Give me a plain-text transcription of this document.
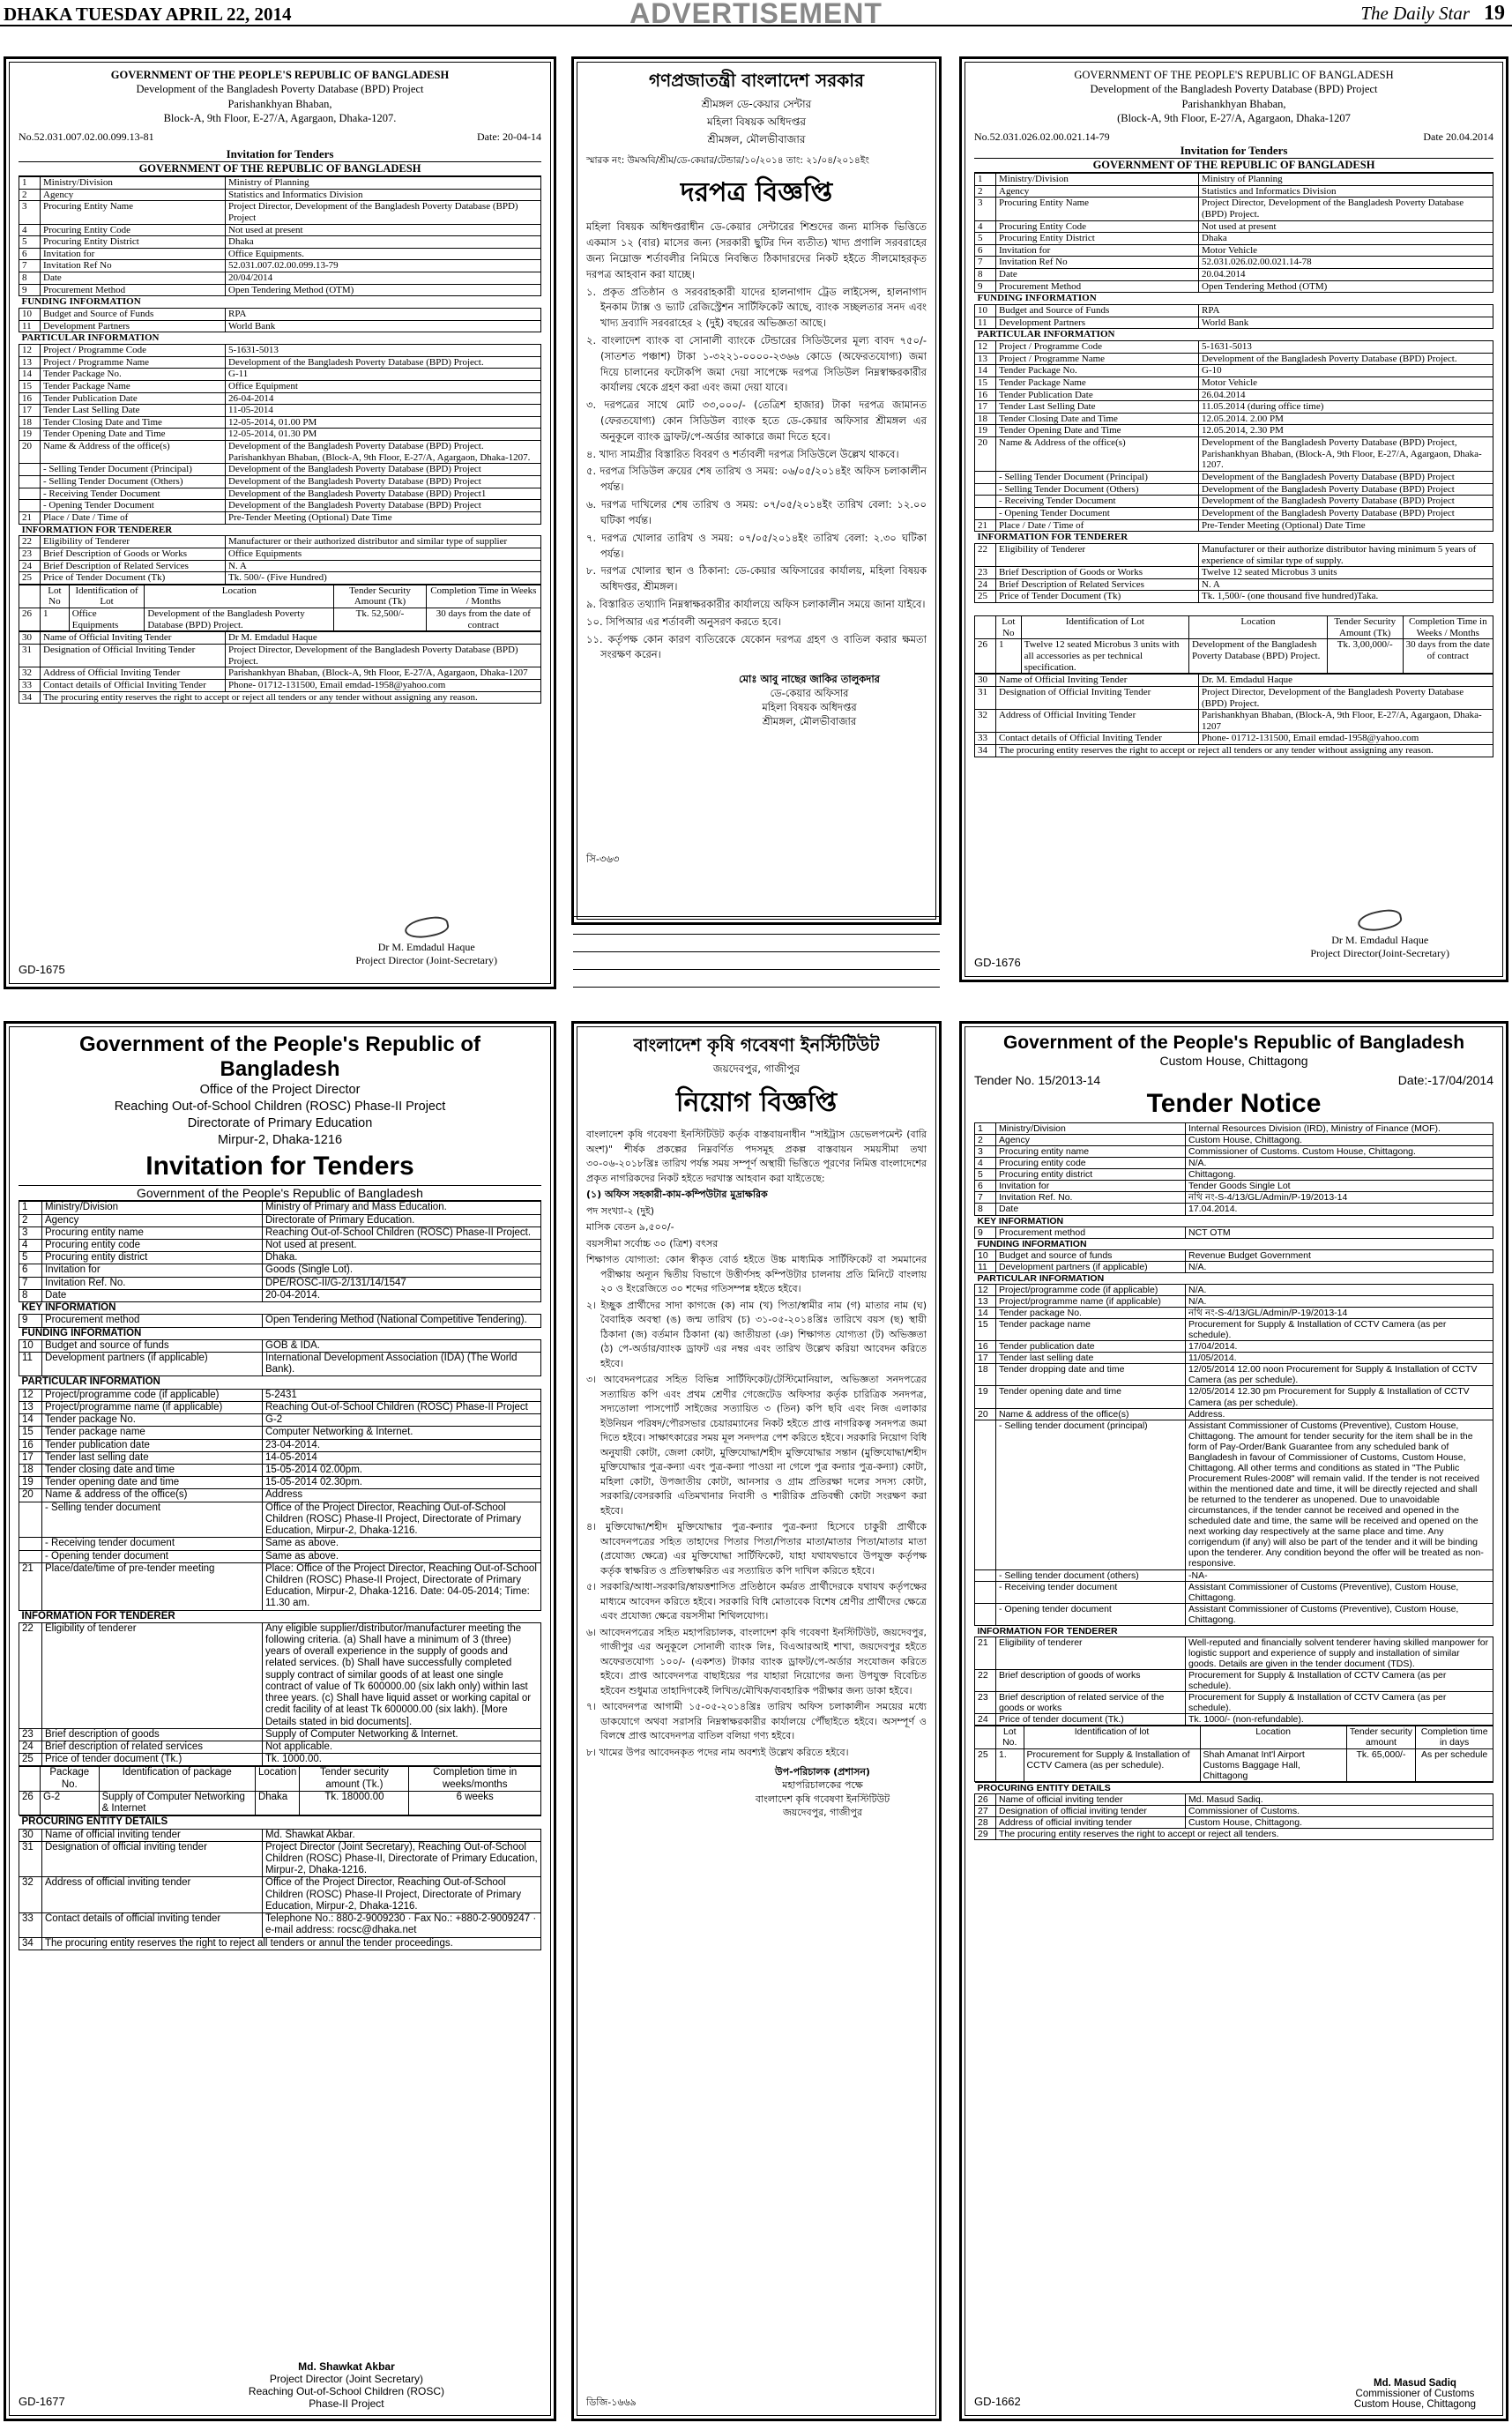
DHAKA TUESDAY APRIL 22, 2014	ADVERTISEMENT	The Daily Star 19
GOVERNMENT OF THE PEOPLE'S REPUBLIC OF BANGLADESH
Development of the Bangladesh Poverty Database (BPD) Project
Parishankhyan Bhaban,
Block-A, 9th Floor, E-27/A, Agargaon, Dhaka-1207.
No.52.031.007.02.00.099.13-81	Date: 20-04-14
Invitation for Tenders
GOVERNMENT OF THE REPUBLIC OF BANGLADESH
1	Ministry/Division	Ministry of Planning
2	Agency	Statistics and Informatics Division
3	Procuring Entity Name	Project Director, Development of the Bangladesh Poverty Database (BPD) Project
4	Procuring Entity Code	Not used at present
5	Procuring Entity District	Dhaka
6	Invitation for	Office Equipments.
7	Invitation Ref No	52.031.007.02.00.099.13-79
8	Date	20/04/2014
9	Procurement Method	Open Tendering Method (OTM)
FUNDING INFORMATION		
10	Budget and Source of Funds	RPA
11	Development Partners	World Bank
PARTICULAR INFORMATION		
12	Project / Programme Code	5-1631-5013
13	Project / Programme Name	Development of the Bangladesh Poverty Database (BPD) Project.
14	Tender Package No.	G-11
15	Tender Package Name	Office Equipment
16	Tender Publication Date	26-04-2014
17	Tender Last Selling Date	11-05-2014
18	Tender Closing Date and Time	12-05-2014, 01.00 PM
19	Tender Opening Date and Time	12-05-2014, 01.30 PM
20	Name & Address of the office(s)	Development of the Bangladesh Poverty Database (BPD) Project. Parishankhyan Bhaban, (Block-A, 9th Floor, E-27/A, Agargaon, Dhaka-1207.
	- Selling Tender Document (Principal)	Development of the Bangladesh Poverty Database (BPD) Project
	- Selling Tender Document (Others)	Development of the Bangladesh Poverty Database (BPD) Project
	- Receiving Tender Document	Development of the Bangladesh Poverty Database (BPD) Project1
	- Opening Tender Document	Development of the Bangladesh Poverty Database (BPD) Project
21	Place / Date / Time of	Pre-Tender Meeting (Optional) Date Time
INFORMATION FOR TENDERER		
22	Eligibility of Tenderer	Manufacturer or their authorized distributor and similar type of supplier
23	Brief Description of Goods or Works	Office Equipments
24	Brief Description of Related Services	N. A
25	Price of Tender Document (Tk)	Tk. 500/- (Five Hundred)
	Lot No	Identification of Lot	Location	Tender Security Amount (Tk)	Completion Time in Weeks / Months
26	1	Office Equipments	Development of the Bangladesh Poverty Database (BPD) Project.	Tk. 52,500/-	30 days from the date of contract
30	Name of Official Inviting Tender	Dr M. Emdadul Haque
31	Designation of Official Inviting Tender	Project Director, Development of the Bangladesh Poverty Database (BPD) Project.
32	Address of Official Inviting Tender	Parishankhyan Bhaban, (Block-A, 9th Floor, E-27/A, Agargaon, Dhaka-1207
33	Contact details of Official Inviting Tender	Phone- 01712-131500, Email emdad-1958@yahoo.com
34	The procuring entity reserves the right to accept or reject all tenders or any tender without assigning any reason.	
Dr M. Emdadul Haque
Project Director (Joint-Secretary)
GD-1675
গণপ্রজাতন্ত্রী বাংলাদেশ সরকার
শ্রীমঙ্গল ডে-কেয়ার সেন্টার
মহিলা বিষয়ক অধিদপ্তর
শ্রীমঙ্গল, মৌলভীবাজার
স্মারক নং: উমঅবি/শ্রীম/ডে-কেয়ার/টেন্ডার/১০/২০১৪ তাং: ২১/০৪/২০১৪ইং
দরপত্র বিজ্ঞপ্তি

মহিলা বিষয়ক অধিদপ্তরাধীন ডে-কেয়ার সেন্টারের শিশুদের জন্য মাসিক ভিত্তিতে একমাস ১২ (বার) মাসের জন্য (সরকারী ছুটির দিন ব্যতীত) খাদ্য প্রণালি সরবরাহের জন্য নিম্নোক্ত শর্তাবলীর নিমিত্তে নিবন্ধিত ঠিকাদারদের নিকট হইতে সীলমোহরকৃত দরপত্র আহবান করা যাচ্ছে।

১. প্রকৃত প্রতিষ্ঠান ও সরবরাহকারী যাদের হালনাগাদ ট্রেড লাইসেন্স, হালনাগাদ ইনকাম ট্যাক্স ও ভ্যাট রেজিস্ট্রেশন সার্টিফিকেট আছে, ব্যাংক সচ্ছলতার সনদ এবং খাদ্য দ্রব্যাদি সরবরাহের ২ (দুই) বছরের অভিজ্ঞতা আছে।

২. বাংলাদেশ ব্যাংক বা সোনালী ব্যাংকে টেন্ডারের সিডিউলের মূল্য বাবদ ৭৫০/- (সাতশত পঞ্চাশ) টাকা ১-৩২২১-০০০০-২৩৬৬ কোডে (অফেরতযোগ্য) জমা দিয়ে চালানের ফটোকপি জমা দেয়া সাপেক্ষে দরপত্র সিডিউল নিম্নস্বাক্ষরকারীর কার্যালয় থেকে গ্রহণ করা এবং জমা দেয়া যাবে।

৩. দরপত্রের সাথে মোট ৩৩,০০০/- (তেত্রিশ হাজার) টাকা দরপত্র জামানত (ফেরতযোগ্য) কোন সিডিউল ব্যাংক হতে ডে-কেয়ার অফিসার শ্রীমঙ্গল এর অনুকূলে ব্যাংক ড্রাফট/পে-অর্ডার আকারে জমা দিতে হবে।

৪. খাদ্য সামগ্রীর বিস্তারিত বিবরণ ও শর্তাবলী দরপত্র সিডিউলে উল্লেখ থাকবে।

৫. দরপত্র সিডিউল ক্রয়ের শেষ তারিখ ও সময়: ০৬/০৫/২০১৪ইং অফিস চলাকালীন পর্যন্ত।

৬. দরপত্র দাখিলের শেষ তারিখ ও সময়: ০৭/০৫/২০১৪ইং তারিখ বেলা: ১২.০০ ঘটিকা পর্যন্ত।

৭. দরপত্র খোলার তারিখ ও সময়: ০৭/০৫/২০১৪ইং তারিখ বেলা: ২.৩০ ঘটিকা পর্যন্ত।

৮. দরপত্র খোলার স্থান ও ঠিকানা: ডে-কেয়ার অফিসারের কার্যালয়, মহিলা বিষয়ক অধিদপ্তর, শ্রীমঙ্গল।

৯. বিস্তারিত তথ্যাদি নিম্নস্বাক্ষরকারীর কার্যালয়ে অফিস চলাকালীন সময়ে জানা যাইবে।

১০. সিপিআর এর শর্তাবলী অনুসরণ করতে হবে।

১১. কর্তৃপক্ষ কোন কারণ ব্যতিরেকে যেকোন দরপত্র গ্রহণ ও বাতিল করার ক্ষমতা সংরক্ষণ করেন।

মোঃ আবু নাছের জাকির তালুকদার
ডে-কেয়ার অফিসার
মহিলা বিষয়ক অধিদপ্তর
শ্রীমঙ্গল, মৌলভীবাজার
সি-৩৬৩
GOVERNMENT OF THE PEOPLE'S REPUBLIC OF BANGLADESH
Development of the Bangladesh Poverty Database (BPD) Project
Parishankhyan Bhaban,
(Block-A, 9th Floor, E-27/A, Agargaon, Dhaka-1207
No.52.031.026.02.00.021.14-79	Date 20.04.2014
Invitation for Tenders
GOVERNMENT OF THE REPUBLIC OF BANGLADESH
1	Ministry/Division	Ministry of Planning
2	Agency	Statistics and Informatics Division
3	Procuring Entity Name	Project Director, Development of the Bangladesh Poverty Database (BPD) Project.
4	Procuring Entity Code	Not used at present
5	Procuring Entity District	Dhaka
6	Invitation for	Motor Vehicle
7	Invitation Ref No	52.031.026.02.00.021.14-78
8	Date	20.04.2014
9	Procurement Method	Open Tendering Method (OTM)
FUNDING INFORMATION		
10	Budget and Source of Funds	RPA
11	Development Partners	World Bank
PARTICULAR INFORMATION		
12	Project / Programme Code	5-1631-5013
13	Project / Programme Name	Development of the Bangladesh Poverty Database (BPD) Project.
14	Tender Package No.	G-10
15	Tender Package Name	Motor Vehicle
16	Tender Publication Date	26.04.2014
17	Tender Last Selling Date	11.05.2014 (during office time)
18	Tender Closing Date and Time	12.05.2014. 2.00 PM
19	Tender Opening Date and Time	12.05.2014, 2.30 PM
20	Name & Address of the office(s)	Development of the Bangladesh Poverty Database (BPD) Project, Parishankhyan Bhaban, (Block-A, 9th Floor, E-27/A, Agargaon, Dhaka-1207.
	- Selling Tender Document (Principal)	Development of the Bangladesh Poverty Database (BPD) Project
	- Selling Tender Document (Others)	Development of the Bangladesh Poverty Database (BPD) Project
	- Receiving Tender Document	Development of the Bangladesh Poverty Database (BPD) Project
	- Opening Tender Document	Development of the Bangladesh Poverty Database (BPD) Project
21	Place / Date / Time of	Pre-Tender Meeting (Optional) Date Time
INFORMATION FOR TENDERER		
22	Eligibility of Tenderer	Manufacturer or their authorize distributor having minimum 5 years of experience of similar type of supply.
23	Brief Description of Goods or Works	Twelve 12 seated Microbus 3 units
24	Brief Description of Related Services	N. A
25	Price of Tender Document (Tk)	Tk. 1,500/- (one thousand five hundred)Taka.
	Lot No	Identification of Lot	Location	Tender Security Amount (Tk)	Completion Time in Weeks / Months
26	1	Twelve 12 seated Microbus 3 units with all accessories as per technical specification.	Development of the Bangladesh Poverty Database (BPD) Project.	Tk. 3,00,000/-	30 days from the date of contract
30	Name of Official Inviting Tender	Dr. M. Emdadul Haque
31	Designation of Official Inviting Tender	Project Director, Development of the Bangladesh Poverty Database (BPD) Project.
32	Address of Official Inviting Tender	Parishankhyan Bhaban, (Block-A, 9th Floor, E-27/A, Agargaon, Dhaka-1207
33	Contact details of Official Inviting Tender	Phone- 01712-131500, Email emdad-1958@yahoo.com
34	The procuring entity reserves the right to accept or reject all tenders or any tender without assigning any reason.	
Dr M. Emdadul Haque
Project Director(Joint-Secretary)
GD-1676
Government of the People's Republic of Bangladesh
Office of the Project Director
Reaching Out-of-School Children (ROSC) Phase-II Project
Directorate of Primary Education
Mirpur-2, Dhaka-1216
Invitation for Tenders
Government of the People's Republic of Bangladesh
1	Ministry/Division	Ministry of Primary and Mass Education.
2	Agency	Directorate of Primary Education.
3	Procuring entity name	Reaching Out-of-School Children (ROSC) Phase-II Project.
4	Procuring entity code	Not used at present.
5	Procuring entity district	Dhaka.
6	Invitation for	Goods (Single Lot).
7	Invitation Ref. No.	DPE/ROSC-II/G-2/131/14/1547
8	Date	20-04-2014.
KEY INFORMATION		
9	Procurement method	Open Tendering Method (National Competitive Tendering).
FUNDING INFORMATION		
10	Budget and source of funds	GOB & IDA.
11	Development partners (if applicable)	International Development Association (IDA) (The World Bank).
PARTICULAR INFORMATION		
12	Project/programme code (if applicable)	5-2431
13	Project/programme name (if applicable)	Reaching Out-of-School Children (ROSC) Phase-II Project
14	Tender package No.	G-2
15	Tender package name	Computer Networking & Internet.
16	Tender publication date	23-04-2014.
17	Tender last selling date	14-05-2014
18	Tender closing date and time	15-05-2014 02.00pm.
19	Tender opening date and time	15-05-2014 02.30pm.
20	Name & address of the office(s)	Address
	- Selling tender document	Office of the Project Director, Reaching Out-of-School Children (ROSC) Phase-II Project, Directorate of Primary Education, Mirpur-2, Dhaka-1216.
	- Receiving tender document	Same as above.
	- Opening tender document	Same as above.
21	Place/date/time of pre-tender meeting	Place: Office of the Project Director, Reaching Out-of-School Children (ROSC) Phase-II Project, Directorate of Primary Education, Mirpur-2, Dhaka-1216. Date: 04-05-2014; Time: 11.30 am.
INFORMATION FOR TENDERER		
22	Eligibility of tenderer	Any eligible supplier/distributor/manufacturer meeting the following criteria. (a) Shall have a minimum of 3 (three) years of overall experience in the supply of goods and related services. (b) Shall have successfully completed supply contract of similar goods of at least one single contract of value of Tk 600000.00 (six lakh only) within last three years. (c) Shall have liquid asset or working capital or credit facility of at least Tk 600000.00 (six lakh). [More Details stated in bid documents].
23	Brief description of goods	Supply of Computer Networking & Internet.
24	Brief description of related services	Not applicable.
25	Price of tender document (Tk.)	Tk. 1000.00.
	Package No.	Identification of package	Location	Tender security amount (Tk.)	Completion time in weeks/months
26	G-2	Supply of Computer Networking & Internet	Dhaka	Tk. 18000.00	6 weeks
PROCURING ENTITY DETAILS		
30	Name of official inviting tender	Md. Shawkat Akbar.
31	Designation of official inviting tender	Project Director (Joint Secretary), Reaching Out-of-School Children (ROSC) Phase-II, Directorate of Primary Education, Mirpur-2, Dhaka-1216.
32	Address of official inviting tender	Office of the Project Director, Reaching Out-of-School Children (ROSC) Phase-II Project, Directorate of Primary Education, Mirpur-2, Dhaka-1216.
33	Contact details of official inviting tender	Telephone No.: 880-2-9009230 · Fax No.: +880-2-9009247 · e-mail address: rocsc@dhaka.net
34	The procuring entity reserves the right to reject all tenders or annul the tender proceedings.	
Md. Shawkat Akbar
Project Director (Joint Secretary)
Reaching Out-of-School Children (ROSC)
Phase-II Project
GD-1677
বাংলাদেশ কৃষি গবেষণা ইনস্টিটিউট
জয়দেবপুর, গাজীপুর
নিয়োগ বিজ্ঞপ্তি

বাংলাদেশ কৃষি গবেষণা ইনস্টিটিউট কর্তৃক বাস্তবায়নাধীন "সাইট্রাস ডেভেলপমেন্ট (বারি অংশ)" শীর্ষক প্রকল্পের নিম্নবর্ণিত পদসমূহ প্রকল্প বাস্তবায়ন সময়সীমা তথা ৩০-০৬-২০১৮খ্রিঃ তারিখ পর্যন্ত সময় সম্পূর্ণ অস্থায়ী ভিত্তিতে পূরণের নিমিত্ত বাংলাদেশের প্রকৃত নাগরিকদের নিকট হইতে দরখাস্ত আহবান করা যাইতেছে:

(১) অফিস সহকারী-কাম-কম্পিউটার মুদ্রাক্ষরিক

পদ সংখ্যা-২ (দুই)

মাসিক বেতন ৯,৫০০/-

বয়সসীমা সর্বোচ্চ ৩০ (ত্রিশ) বৎসর

শিক্ষাগত যোগ্যতা: কোন স্বীকৃত বোর্ড হইতে উচ্চ মাধ্যমিক সার্টিফিকেট বা সমমানের পরীক্ষায় অন্যূন দ্বিতীয় বিভাগে উত্তীর্ণসহ কম্পিউটার চালনায় প্রতি মিনিটে বাংলায় ২০ ও ইংরেজিতে ৩০ শব্দের গতিসম্পন্ন হইতে হইবে।

২। ইচ্ছুক প্রার্থীদের সাদা কাগজে (ক) নাম (খ) পিতা/স্বামীর নাম (গ) মাতার নাম (ঘ) বৈবাহিক অবস্থা (ঙ) জন্ম তারিখ (চ) ৩১-০৫-২০১৪খ্রিঃ তারিখে বয়স (ছ) স্থায়ী ঠিকানা (জ) বর্তমান ঠিকানা (ঝ) জাতীয়তা (ঞ) শিক্ষাগত যোগ্যতা (ট) অভিজ্ঞতা (ঠ) পে-অর্ডার/ব্যাংক ড্রাফট এর নম্বর এবং তারিখ উল্লেখ করিয়া আবেদন করিতে হইবে।

৩। আবেদনপত্রের সহিত বিভিন্ন সার্টিফিকেট/টেস্টিমোনিয়াল, অভিজ্ঞতা সনদপত্রের সত্যায়িত কপি এবং প্রথম শ্রেণীর গেজেটেড অফিসার কর্তৃক চারিত্রিক সনদপত্র, সদ্যতোলা পাসপোর্ট সাইজের সত্যায়িত ৩ (তিন) কপি ছবি এবং নিজ এলাকার ইউনিয়ন পরিষদ/পৌরসভার চেয়ারম্যানের নিকট হইতে প্রাপ্ত নাগরিকত্ব সনদপত্র জমা দিতে হইবে। সাক্ষাৎকারের সময় মূল সনদপত্র পেশ করিতে হইবে। সরকারি নিয়োগ বিধি অনুযায়ী কোটা, জেলা কোটা, মুক্তিযোদ্ধা/শহীদ মুক্তিযোদ্ধার সন্তান (মুক্তিযোদ্ধা/শহীদ মুক্তিযোদ্ধার পুত্র-কন্যা এবং পুত্র-কন্যা পাওয়া না গেলে পুত্র কন্যার পুত্র-কন্যা) কোটা, মহিলা কোটা, উপজাতীয় কোটা, আনসার ও গ্রাম প্রতিরক্ষা দলের সদস্য কোটা, সরকারি/বেসরকারি এতিমখানার নিবাসী ও শারীরিক প্রতিবন্ধী কোটা সংরক্ষণ করা হইবে।

৪। মুক্তিযোদ্ধা/শহীদ মুক্তিযোদ্ধার পুত্র-কন্যার পুত্র-কন্যা হিসেবে চাকুরী প্রার্থীকে আবেদনপত্রের সহিত তাহাদের পিতার পিতা/পিতার মাতা/মাতার পিতা/মাতার মাতা (প্রযোজ্য ক্ষেত্রে) এর মুক্তিযোদ্ধা সার্টিফিকেট, যাহা যথাযথভাবে উপযুক্ত কর্তৃপক্ষ কর্তৃক স্বাক্ষরিত ও প্রতিস্বাক্ষরিত এর সত্যায়িত কপি দাখিল করিতে হইবে।

৫। সরকারি/আধা-সরকারি/স্বায়ত্তশাসিত প্রতিষ্ঠানে কর্মরত প্রার্থীদেরকে যথাযথ কর্তৃপক্ষের মাধ্যমে আবেদন করিতে হইবে। সরকারি বিধি মোতাবেক বিশেষ শ্রেণীর প্রার্থীদের ক্ষেত্রে এবং প্রযোজ্য ক্ষেত্রে বয়সসীমা শিথিলযোগ্য।

৬। আবেদনপত্রের সহিত মহাপরিচালক, বাংলাদেশ কৃষি গবেষণা ইনস্টিটিউট, জয়দেবপুর, গাজীপুর এর অনুকূলে সোনালী ব্যাংক লিঃ, বিএআরআই শাখা, জয়দেবপুর হইতে অফেরতযোগ্য ১০০/- (একশত) টাকার ব্যাংক ড্রাফট/পে-অর্ডার সংযোজন করিতে হইবে। প্রাপ্ত আবেদনপত্র বাছাইয়ের পর যাহারা নিয়োগের জন্য উপযুক্ত বিবেচিত হইবেন শুধুমাত্র তাহাদিগকেই লিখিত/মৌখিক/ব্যবহারিক পরীক্ষার জন্য ডাকা হইবে।

৭। আবেদনপত্র আগামী ১৫-০৫-২০১৪খ্রিঃ তারিখ অফিস চলাকালীন সময়ের মধ্যে ডাকযোগে অথবা সরাসরি নিম্নস্বাক্ষরকারীর কার্যালয়ে পৌঁছাইতে হইবে। অসম্পূর্ণ ও বিলম্বে প্রাপ্ত আবেদনপত্র বাতিল বলিয়া গণ্য হইবে।

৮। খামের উপর আবেদনকৃত পদের নাম অবশ্যই উল্লেখ করিতে হইবে।

উপ-পরিচালক (প্রশাসন)
মহাপরিচালকের পক্ষে
বাংলাদেশ কৃষি গবেষণা ইনস্টিটিউট
জয়দেবপুর, গাজীপুর
ডিজি-১৬৬৯
Government of the People's Republic of Bangladesh
Custom House, Chittagong
Tender No. 15/2013-14	Date:-17/04/2014
Tender Notice
1	Ministry/Division	Internal Resources Division (IRD), Ministry of Finance (MOF).
2	Agency	Custom House, Chittagong.
3	Procuring entity name	Commissioner of Customs. Custom House, Chittagong.
4	Procuring entity code	N/A.
5	Procuring entity district	Chittagong.
6	Invitation for	Tender Goods Single Lot
7	Invitation Ref. No.	নথি নং-S-4/13/GL/Admin/P-19/2013-14
8	Date	17.04.2014.
KEY INFORMATION		
9	Procurement method	NCT OTM
FUNDING INFORMATION		
10	Budget and source of funds	Revenue Budget Government
11	Development partners (if applicable)	N/A.
PARTICULAR INFORMATION		
12	Project/programme code (if applicable)	N/A.
13	Project/programme name (if applicable)	N/A.
14	Tender package No.	নথি নং-S-4/13/GL/Admin/P-19/2013-14
15	Tender package name	Procurement for Supply & Installation of CCTV Camera (as per schedule).
16	Tender publication date	17/04/2014.
17	Tender last selling date	11/05/2014.
18	Tender dropping date and time	12/05/2014 12.00 noon Procurement for Supply & Installation of CCTV Camera (as per schedule).
19	Tender opening date and time	12/05/2014 12.30 pm Procurement for Supply & Installation of CCTV Camera (as per schedule).
20	Name & address of the office(s)	Address.
	- Selling tender document (principal)	Assistant Commissioner of Customs (Preventive), Custom House, Chittagong. The amount for tender security for the item shall be in the form of Pay-Order/Bank Guarantee from any scheduled bank of Bangladesh in favour of Commissioner of Customs, Custom House, Chittagong. All other terms and conditions as stated in "The Public Procurement Rules-2008" will remain valid. If the tender is not received within the mentioned date and time, it will be directly rejected and shall be returned to the tenderer as unopened. Due to unavoidable circumstances, if the tender cannot be received and opened in the scheduled date and time, the same will be received and opened on the next working day respectively at the same place and time. Any corrigendum (if any) will also be part of the tender and it will be binding upon the tenderer. Any condition beyond the offer will be treated as non-responsive.
	- Selling tender document (others)	-NA-
	- Receiving tender document	Assistant Commissioner of Customs (Preventive), Custom House, Chittagong.
	- Opening tender document	Assistant Commissioner of Customs (Preventive), Custom House, Chittagong.
INFORMATION FOR TENDERER		
21	Eligibility of tenderer	Well-reputed and financially solvent tenderer having skilled manpower for logistic support and experience of supply and installation of similar goods. Details are given in the tender document (TDS).
22	Brief description of goods of works	Procurement for Supply & Installation of CCTV Camera (as per schedule).
23	Brief description of related service of the goods or works	Procurement for Supply & Installation of CCTV Camera (as per schedule).
24	Price of tender document (Tk.)	Tk. 1000/- (non-refundable).
	Lot No.	Identification of lot	Location	Tender security amount	Completion time in days
25	1.	Procurement for Supply & Installation of CCTV Camera (as per schedule).	Shah Amanat Int'l Airport Customs Baggage Hall, Chittagong	Tk. 65,000/-	As per schedule
PROCURING ENTITY DETAILS		
26	Name of official inviting tender	Md. Masud Sadiq.
27	Designation of official inviting tender	Commissioner of Customs.
28	Address of official inviting tender	Custom House, Chittagong.
29	The procuring entity reserves the right to accept or reject all tenders.	
Md. Masud Sadiq
Commissioner of Customs
Custom House, Chittagong
GD-1662
